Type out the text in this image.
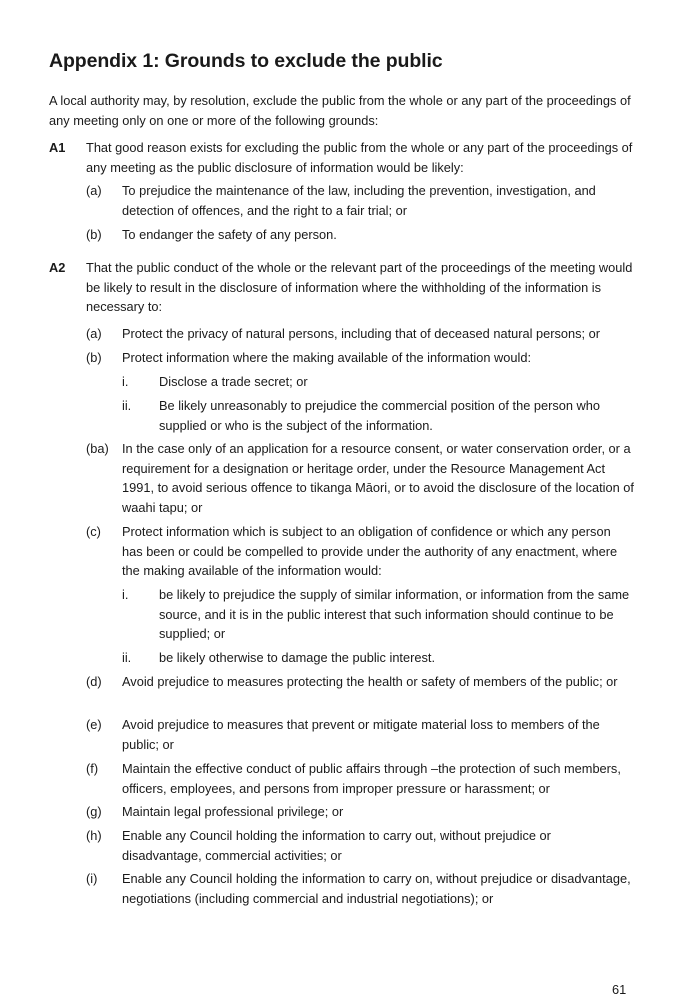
Appendix 1: Grounds to exclude the public
A local authority may, by resolution, exclude the public from the whole or any part of the proceedings of any meeting only on one or more of the following grounds:
A1 That good reason exists for excluding the public from the whole or any part of the proceedings of any meeting as the public disclosure of information would be likely:
(a) To prejudice the maintenance of the law, including the prevention, investigation, and detection of offences, and the right to a fair trial; or
(b) To endanger the safety of any person.
A2 That the public conduct of the whole or the relevant part of the proceedings of the meeting would be likely to result in the disclosure of information where the withholding of the information is necessary to:
(a) Protect the privacy of natural persons, including that of deceased natural persons; or
(b) Protect information where the making available of the information would:
i. Disclose a trade secret; or
ii. Be likely unreasonably to prejudice the commercial position of the person who supplied or who is the subject of the information.
(ba) In the case only of an application for a resource consent, or water conservation order, or a requirement for a designation or heritage order, under the Resource Management Act 1991, to avoid serious offence to tikanga Māori, or to avoid the disclosure of the location of waahi tapu; or
(c) Protect information which is subject to an obligation of confidence or which any person has been or could be compelled to provide under the authority of any enactment, where the making available of the information would:
i. be likely to prejudice the supply of similar information, or information from the same source, and it is in the public interest that such information should continue to be supplied; or
ii. be likely otherwise to damage the public interest.
(d) Avoid prejudice to measures protecting the health or safety of members of the public; or
(e) Avoid prejudice to measures that prevent or mitigate material loss to members of the public; or
(f) Maintain the effective conduct of public affairs through –the protection of such members, officers, employees, and persons from improper pressure or harassment; or
(g) Maintain legal professional privilege; or
(h) Enable any Council holding the information to carry out, without prejudice or disadvantage, commercial activities; or
(i) Enable any Council holding the information to carry on, without prejudice or disadvantage, negotiations (including commercial and industrial negotiations); or
61
